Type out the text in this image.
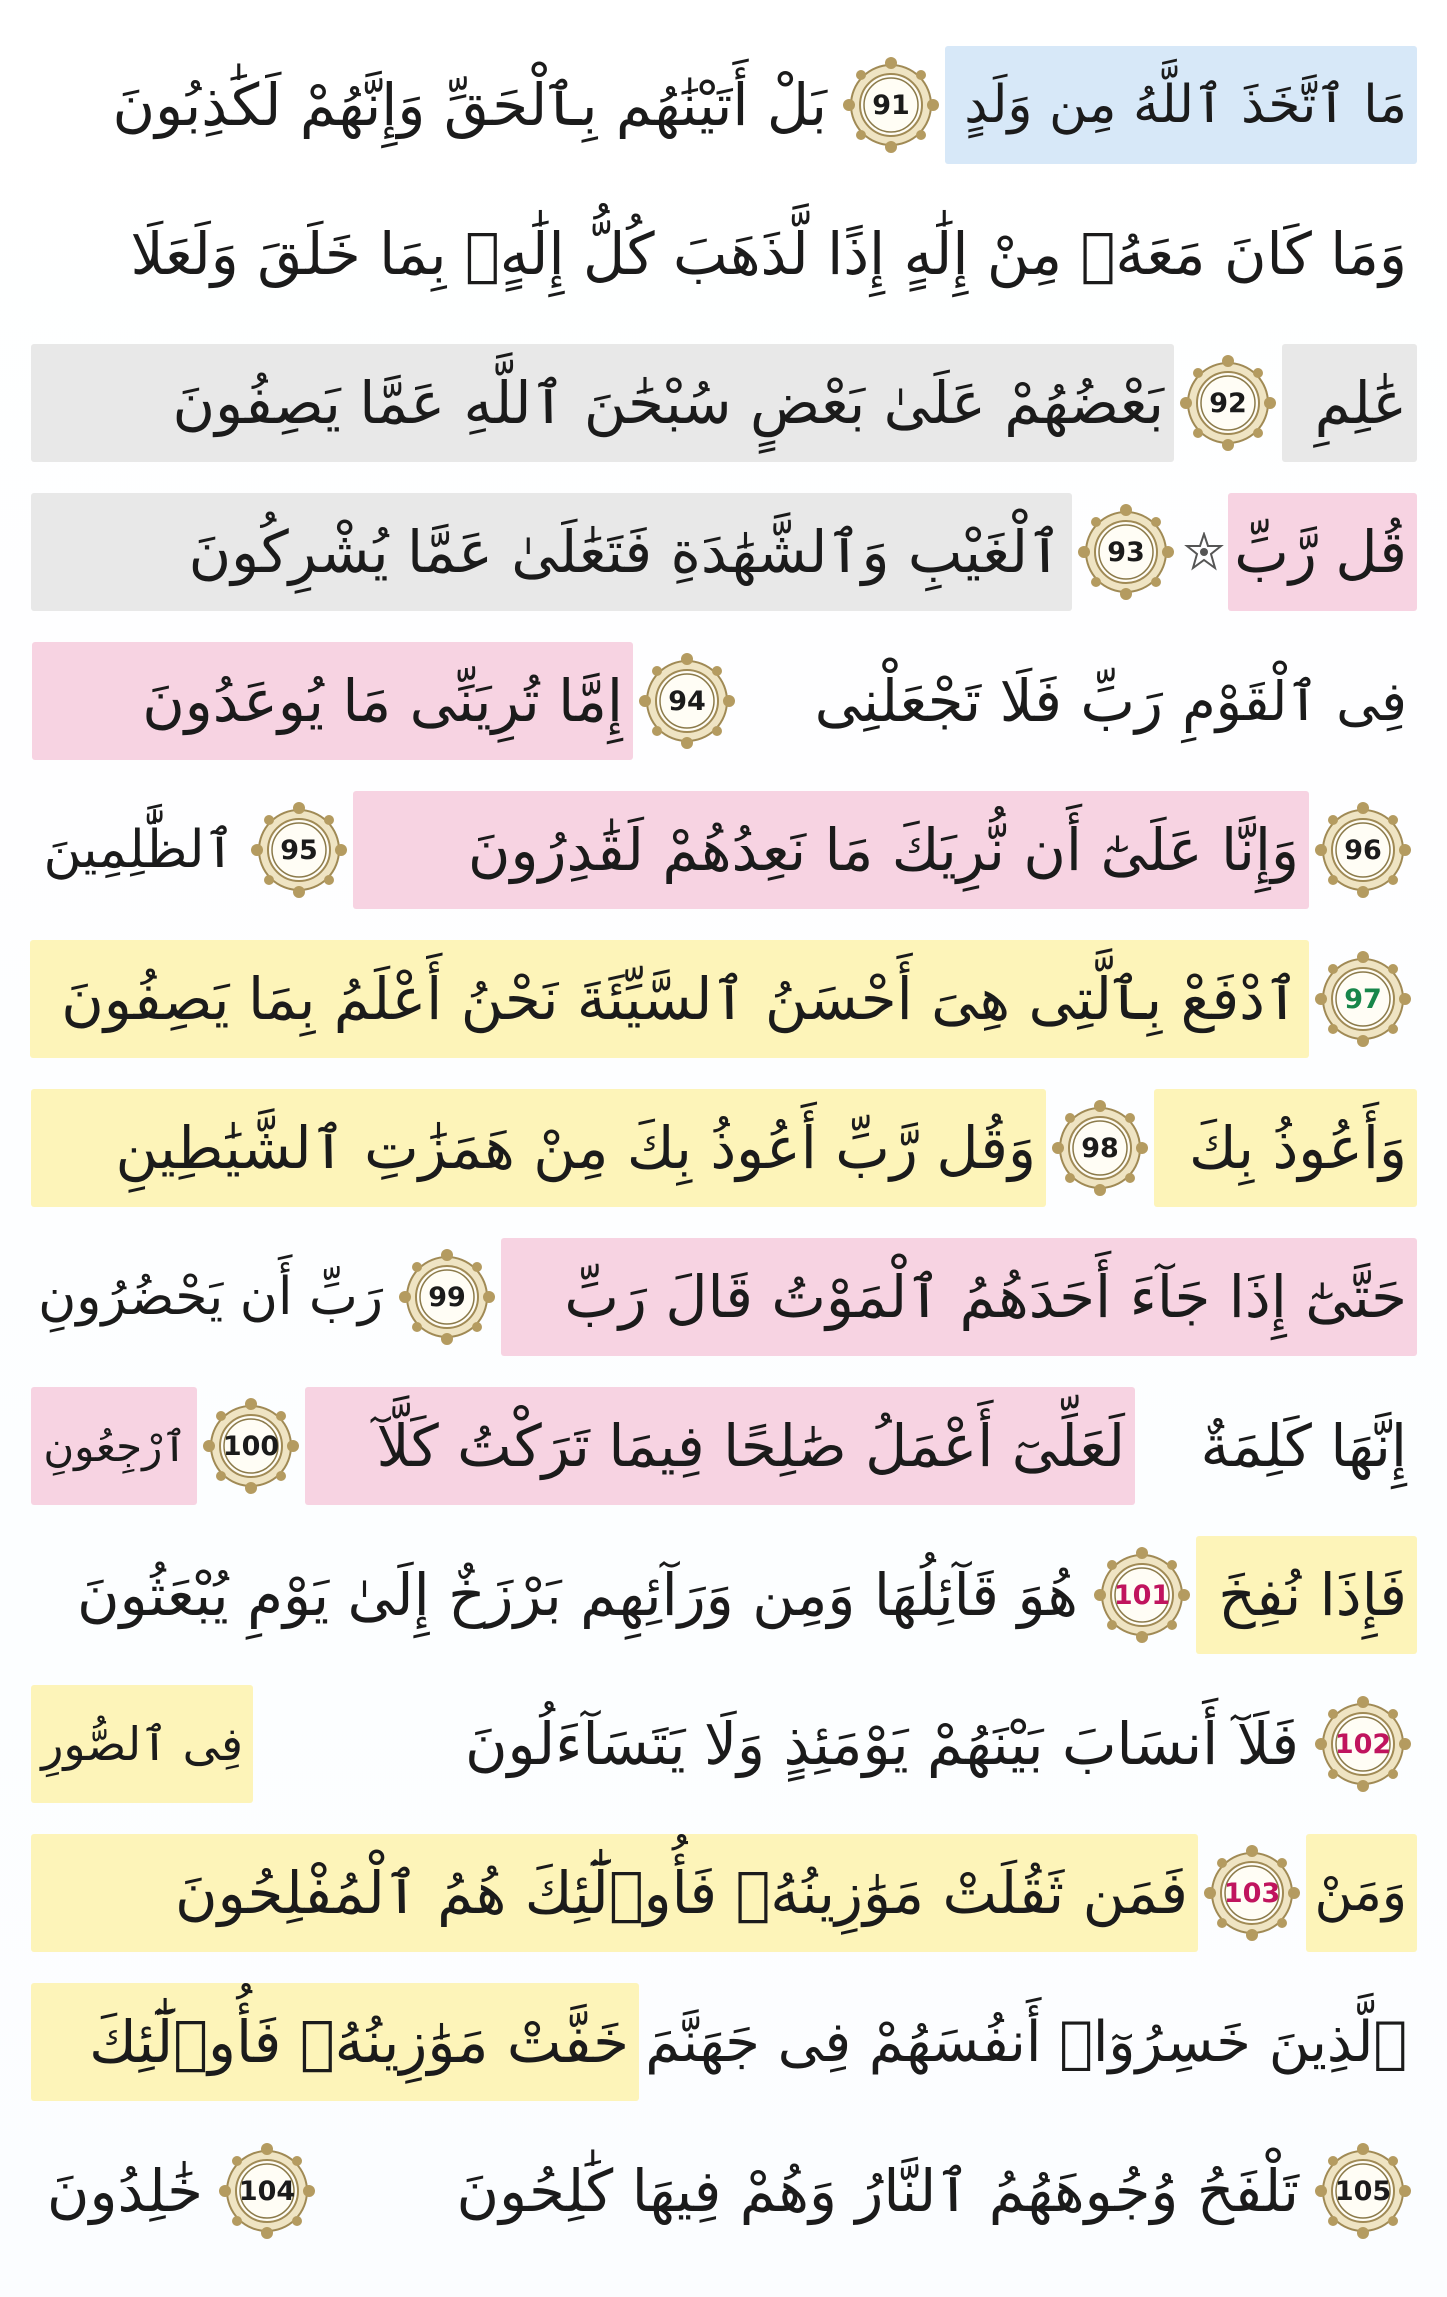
مَا ٱتَّخَذَ ٱللَّهُ مِن وَلَدٍ
91
بَلْ أَتَيْنَٰهُم بِٱلْحَقِّ وَإِنَّهُمْ لَكَٰذِبُونَ
وَمَا كَانَ مَعَهُۥ مِنْ إِلَٰهٍ إِذًا لَّذَهَبَ كُلُّ إِلَٰهٍۭ بِمَا خَلَقَ وَلَعَلَا
عَٰلِمِ
92
بَعْضُهُمْ عَلَىٰ بَعْضٍ سُبْحَٰنَ ٱللَّهِ عَمَّا يَصِفُونَ
قُل رَّبِّ
93
ٱلْغَيْبِ وَٱلشَّهَٰدَةِ فَتَعَٰلَىٰ عَمَّا يُشْرِكُونَ
فِى ٱلْقَوْمِ
رَبِّ فَلَا تَجْعَلْنِى
94
إِمَّا تُرِيَنِّى مَا يُوعَدُونَ
96
وَإِنَّا عَلَىٰٓ أَن نُّرِيَكَ مَا نَعِدُهُمْ لَقَٰدِرُونَ
95
ٱلظَّٰلِمِينَ
97
ٱدْفَعْ بِٱلَّتِى هِىَ أَحْسَنُ ٱلسَّيِّئَةَ نَحْنُ أَعْلَمُ بِمَا يَصِفُونَ
وَأَعُوذُ بِكَ
98
وَقُل رَّبِّ أَعُوذُ بِكَ مِنْ هَمَزَٰتِ ٱلشَّيَٰطِينِ
حَتَّىٰٓ إِذَا جَآءَ أَحَدَهُمُ ٱلْمَوْتُ قَالَ رَبِّ
99
رَبِّ أَن يَحْضُرُونِ
إِنَّهَا كَلِمَةٌ
لَعَلِّىٓ أَعْمَلُ صَٰلِحًا فِيمَا تَرَكْتُ كَلَّآ
100
ٱرْجِعُونِ
فَإِذَا نُفِخَ
101
هُوَ قَآئِلُهَا وَمِن وَرَآئِهِم بَرْزَخٌ إِلَىٰ يَوْمِ يُبْعَثُونَ
102
فَلَآ أَنسَابَ بَيْنَهُمْ يَوْمَئِذٍ وَلَا يَتَسَآءَلُونَ
فِى ٱلصُّورِ
وَمَنْ
103
فَمَن ثَقُلَتْ مَوَٰزِينُهُۥ فَأُو۟لَٰٓئِكَ هُمُ ٱلْمُفْلِحُونَ
ٱلَّذِينَ خَسِرُوٓا۟ أَنفُسَهُمْ فِى جَهَنَّمَ
خَفَّتْ مَوَٰزِينُهُۥ فَأُو۟لَٰٓئِكَ
105
تَلْفَحُ وُجُوهَهُمُ ٱلنَّارُ وَهُمْ فِيهَا كَٰلِحُونَ
104
خَٰلِدُونَ
